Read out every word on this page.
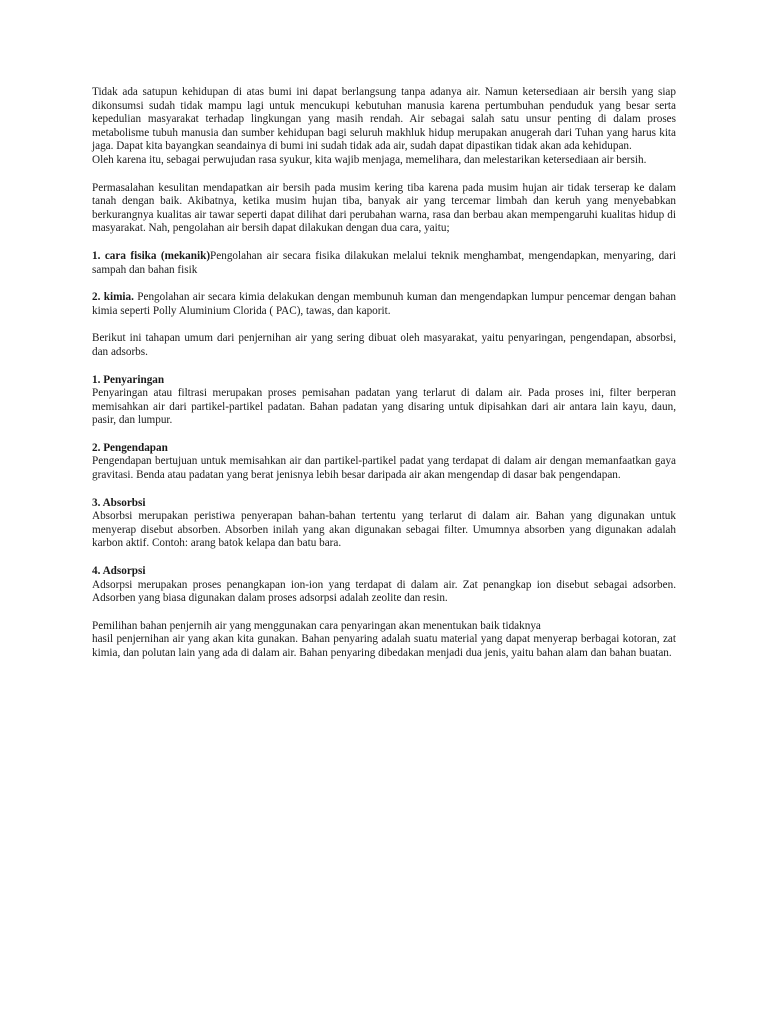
Tidak ada satupun kehidupan di atas bumi ini dapat berlangsung tanpa adanya air. Namun ketersediaan air bersih yang siap dikonsumsi sudah tidak mampu lagi untuk mencukupi kebutuhan manusia karena pertumbuhan penduduk yang besar serta kepedulian masyarakat terhadap lingkungan yang masih rendah. Air sebagai salah satu unsur penting di dalam proses metabolisme tubuh manusia dan sumber kehidupan bagi seluruh makhluk hidup merupakan anugerah dari Tuhan yang harus kita jaga. Dapat kita bayangkan seandainya di bumi ini sudah tidak ada air, sudah dapat dipastikan tidak akan ada kehidupan.
Oleh karena itu, sebagai perwujudan rasa syukur, kita wajib menjaga, memelihara, dan melestarikan ketersediaan air bersih.

Permasalahan kesulitan mendapatkan air bersih pada musim kering tiba karena pada musim hujan air tidak terserap ke dalam tanah dengan baik. Akibatnya, ketika musim hujan tiba, banyak air yang tercemar limbah dan keruh yang menyebabkan berkurangnya kualitas air tawar seperti dapat dilihat dari perubahan warna, rasa dan berbau akan mempengaruhi kualitas hidup di masyarakat. Nah, pengolahan air bersih dapat dilakukan dengan dua cara, yaitu;

1. cara fisika (mekanik)Pengolahan air secara fisika dilakukan melalui teknik menghambat, mengendapkan, menyaring, dari sampah dan bahan fisik

2. kimia. Pengolahan air secara kimia delakukan dengan membunuh kuman dan mengendapkan lumpur pencemar dengan bahan kimia seperti Polly Aluminium Clorida ( PAC), tawas, dan kaporit.

Berikut ini tahapan umum dari penjernihan air yang sering dibuat oleh masyarakat, yaitu penyaringan, pengendapan, absorbsi, dan adsorbs.

1. Penyaringan

Penyaringan atau filtrasi merupakan proses pemisahan padatan yang terlarut di dalam air. Pada proses ini, filter berperan memisahkan air dari partikel-partikel padatan. Bahan padatan yang disaring untuk dipisahkan dari air antara lain kayu, daun, pasir, dan lumpur.

2. Pengendapan

Pengendapan bertujuan untuk memisahkan air dan partikel-partikel padat yang terdapat di dalam air dengan memanfaatkan gaya gravitasi. Benda atau padatan yang berat jenisnya lebih besar daripada air akan mengendap di dasar bak pengendapan.

3. Absorbsi

Absorbsi merupakan peristiwa penyerapan bahan-bahan tertentu yang terlarut di dalam air. Bahan yang digunakan untuk menyerap disebut absorben. Absorben inilah yang akan digunakan sebagai filter. Umumnya absorben yang digunakan adalah karbon aktif. Contoh: arang batok kelapa dan batu bara.

4. Adsorpsi

Adsorpsi merupakan proses penangkapan ion-ion yang terdapat di dalam air. Zat penangkap ion disebut sebagai adsorben. Adsorben yang biasa digunakan dalam proses adsorpsi adalah zeolite dan resin.

Pemilihan bahan penjernih air yang menggunakan cara penyaringan akan menentukan baik tidaknya

hasil penjernihan air yang akan kita gunakan. Bahan penyaring adalah suatu material yang dapat menyerap berbagai kotoran, zat kimia, dan polutan lain yang ada di dalam air. Bahan penyaring dibedakan menjadi dua jenis, yaitu bahan alam dan bahan buatan.
